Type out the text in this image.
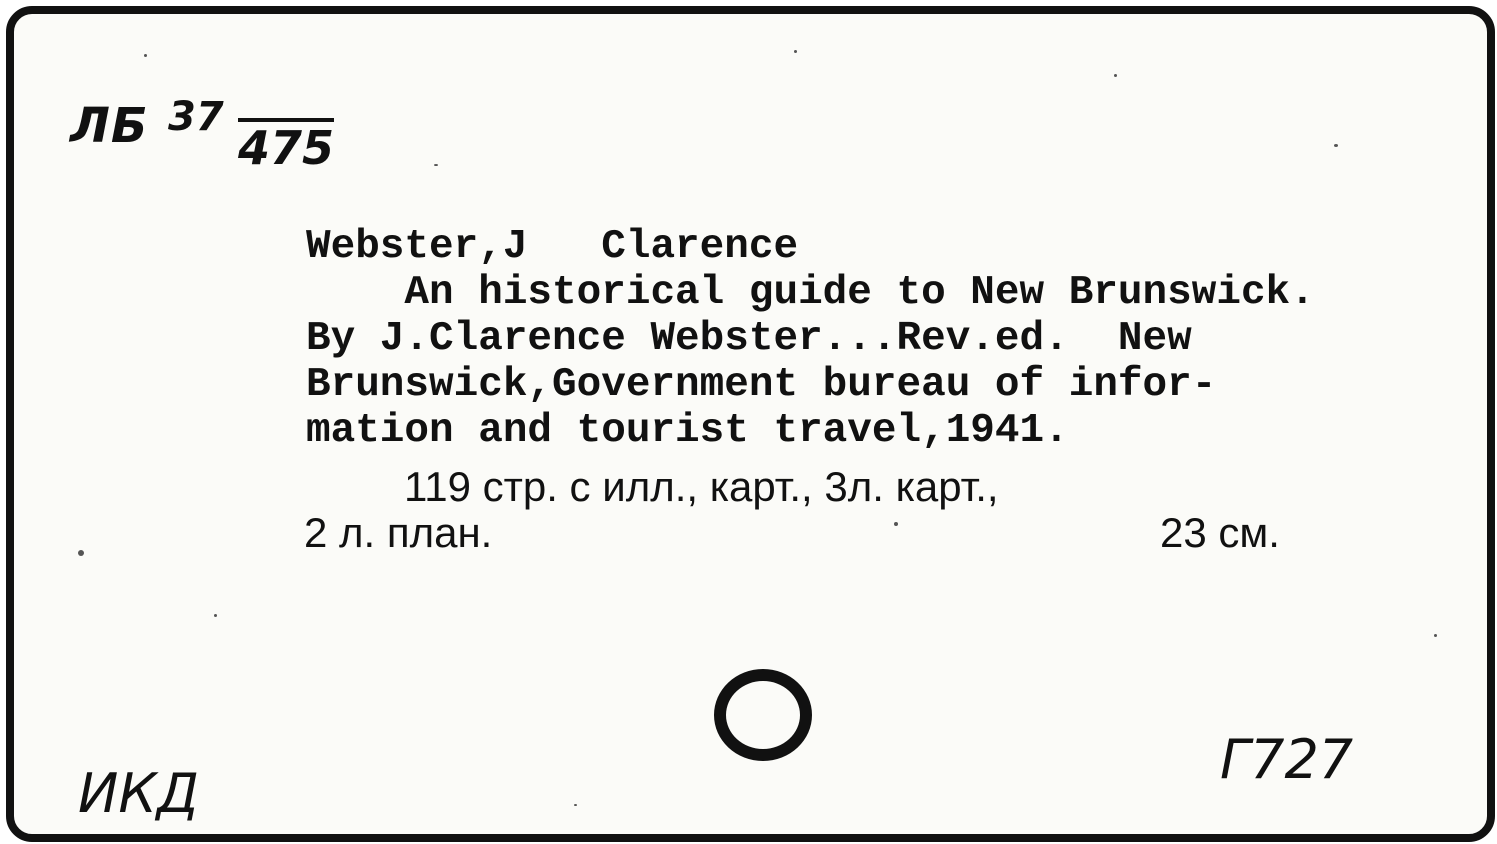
ЛБ 37
475
Webster,J   Clarence
An historical guide to New Brunswick.
By J.Clarence Webster...Rev.ed.  New
Brunswick,Government bureau of infor-
mation and tourist travel,1941.
119 стр. с илл., карт., 3л. карт.,
2 л. план.	23 см.
ИКД
Г727
